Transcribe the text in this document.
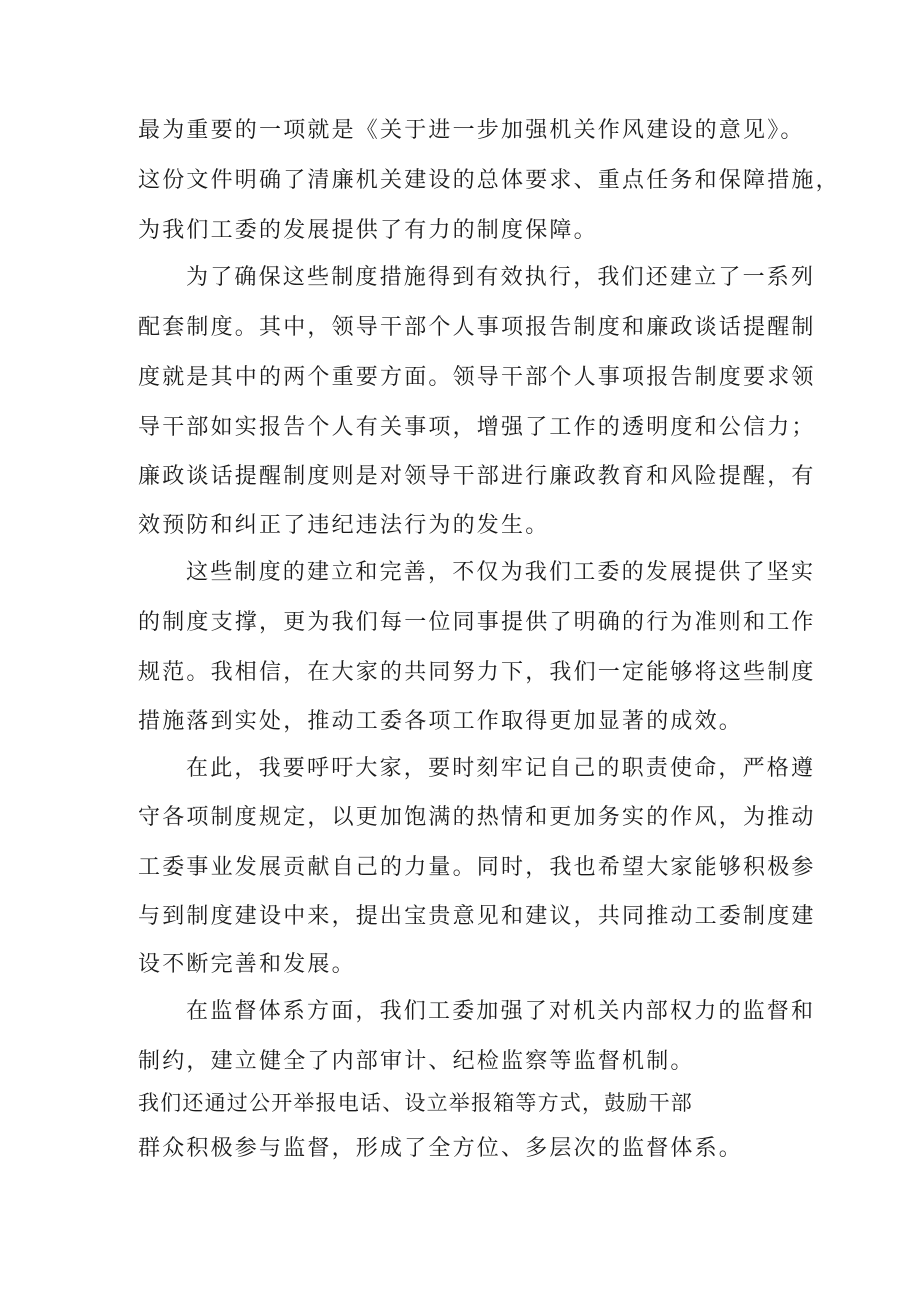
最为重要的一项就是《关于进一步加强机关作风建设的意见》。
这份文件明确了清廉机关建设的总体要求、重点任务和保障措施，
为我们工委的发展提供了有力的制度保障。
为了确保这些制度措施得到有效执行，我们还建立了一系列
配套制度。其中，领导干部个人事项报告制度和廉政谈话提醒制
度就是其中的两个重要方面。领导干部个人事项报告制度要求领
导干部如实报告个人有关事项，增强了工作的透明度和公信力；
廉政谈话提醒制度则是对领导干部进行廉政教育和风险提醒，有
效预防和纠正了违纪违法行为的发生。
这些制度的建立和完善，不仅为我们工委的发展提供了坚实
的制度支撑，更为我们每一位同事提供了明确的行为准则和工作
规范。我相信，在大家的共同努力下，我们一定能够将这些制度
措施落到实处，推动工委各项工作取得更加显著的成效。
在此，我要呼吁大家，要时刻牢记自己的职责使命，严格遵
守各项制度规定，以更加饱满的热情和更加务实的作风，为推动
工委事业发展贡献自己的力量。同时，我也希望大家能够积极参
与到制度建设中来，提出宝贵意见和建议，共同推动工委制度建
设不断完善和发展。
在监督体系方面，我们工委加强了对机关内部权力的监督和
制约，建立健全了内部审计、纪检监察等监督机制。
我们还通过公开举报电话、设立举报箱等方式，鼓励干部
群众积极参与监督，形成了全方位、多层次的监督体系。
